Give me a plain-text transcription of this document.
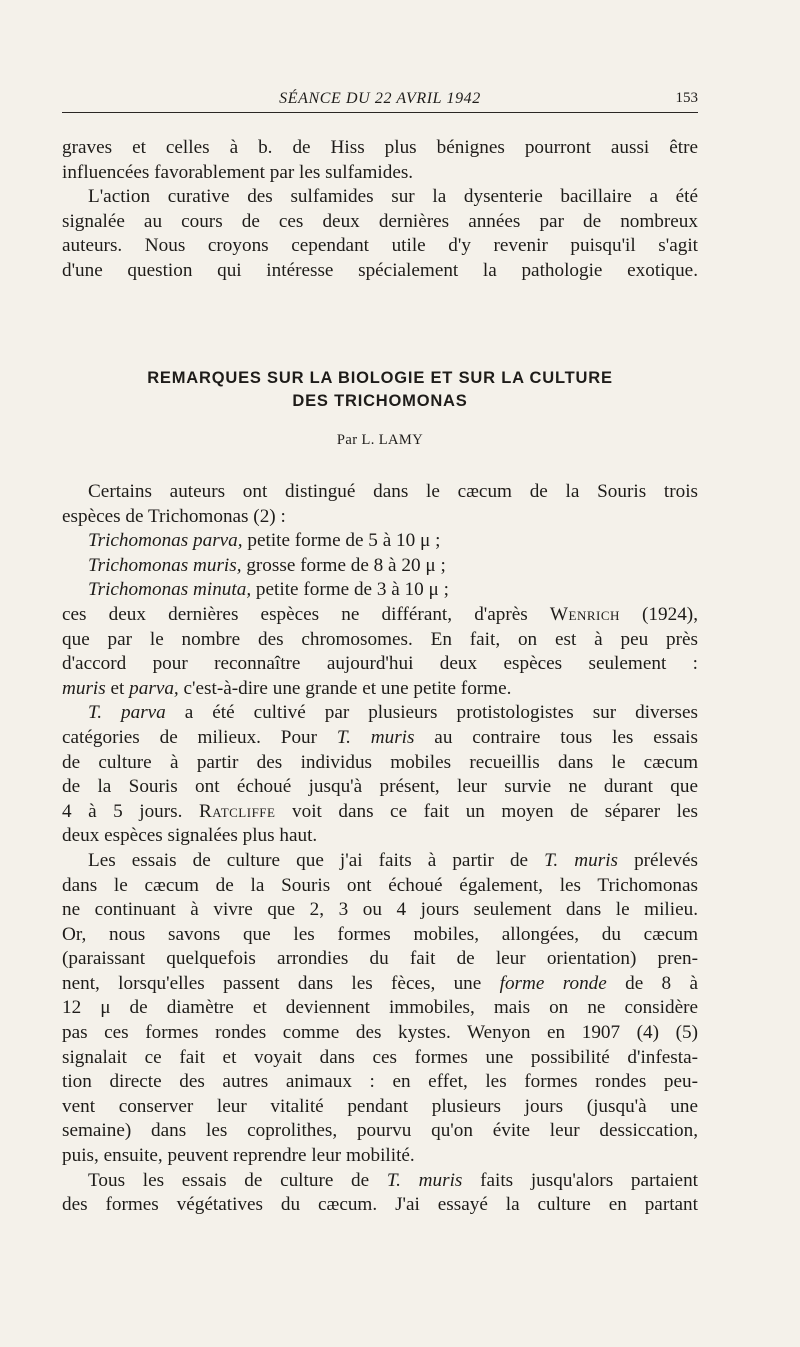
SÉANCE DU 22 AVRIL 1942	153
graves et celles à b. de Hiss plus bénignes pourront aussi être
influencées favorablement par les sulfamides.
L'action curative des sulfamides sur la dysenterie bacillaire a été
signalée au cours de ces deux dernières années par de nombreux
auteurs. Nous croyons cependant utile d'y revenir puisqu'il s'agit
d'une question qui intéresse spécialement la pathologie exotique.
REMARQUES SUR LA BIOLOGIE ET SUR LA CULTURE
DES TRICHOMONAS
Par L. LAMY
Certains auteurs ont distingué dans le cæcum de la Souris trois
espèces de Trichomonas (2) :
Trichomonas parva, petite forme de 5 à 10 μ ;
Trichomonas muris, grosse forme de 8 à 20 μ ;
Trichomonas minuta, petite forme de 3 à 10 μ ;
ces deux dernières espèces ne différant, d'après Wenrich (1924),
que par le nombre des chromosomes. En fait, on est à peu près
d'accord pour reconnaître aujourd'hui deux espèces seulement :
muris et parva, c'est-à-dire une grande et une petite forme.
T. parva a été cultivé par plusieurs protistologistes sur diverses
catégories de milieux. Pour T. muris au contraire tous les essais
de culture à partir des individus mobiles recueillis dans le cæcum
de la Souris ont échoué jusqu'à présent, leur survie ne durant que
4 à 5 jours. Ratcliffe voit dans ce fait un moyen de séparer les
deux espèces signalées plus haut.
Les essais de culture que j'ai faits à partir de T. muris prélevés
dans le cæcum de la Souris ont échoué également, les Trichomonas
ne continuant à vivre que 2, 3 ou 4 jours seulement dans le milieu.
Or, nous savons que les formes mobiles, allongées, du cæcum
(paraissant quelquefois arrondies du fait de leur orientation) pren-
nent, lorsqu'elles passent dans les fèces, une forme ronde de 8 à
12 μ de diamètre et deviennent immobiles, mais on ne considère
pas ces formes rondes comme des kystes. Wenyon en 1907 (4) (5)
signalait ce fait et voyait dans ces formes une possibilité d'infesta-
tion directe des autres animaux : en effet, les formes rondes peu-
vent conserver leur vitalité pendant plusieurs jours (jusqu'à une
semaine) dans les coprolithes, pourvu qu'on évite leur dessiccation,
puis, ensuite, peuvent reprendre leur mobilité.
Tous les essais de culture de T. muris faits jusqu'alors partaient
des formes végétatives du cæcum. J'ai essayé la culture en partant
